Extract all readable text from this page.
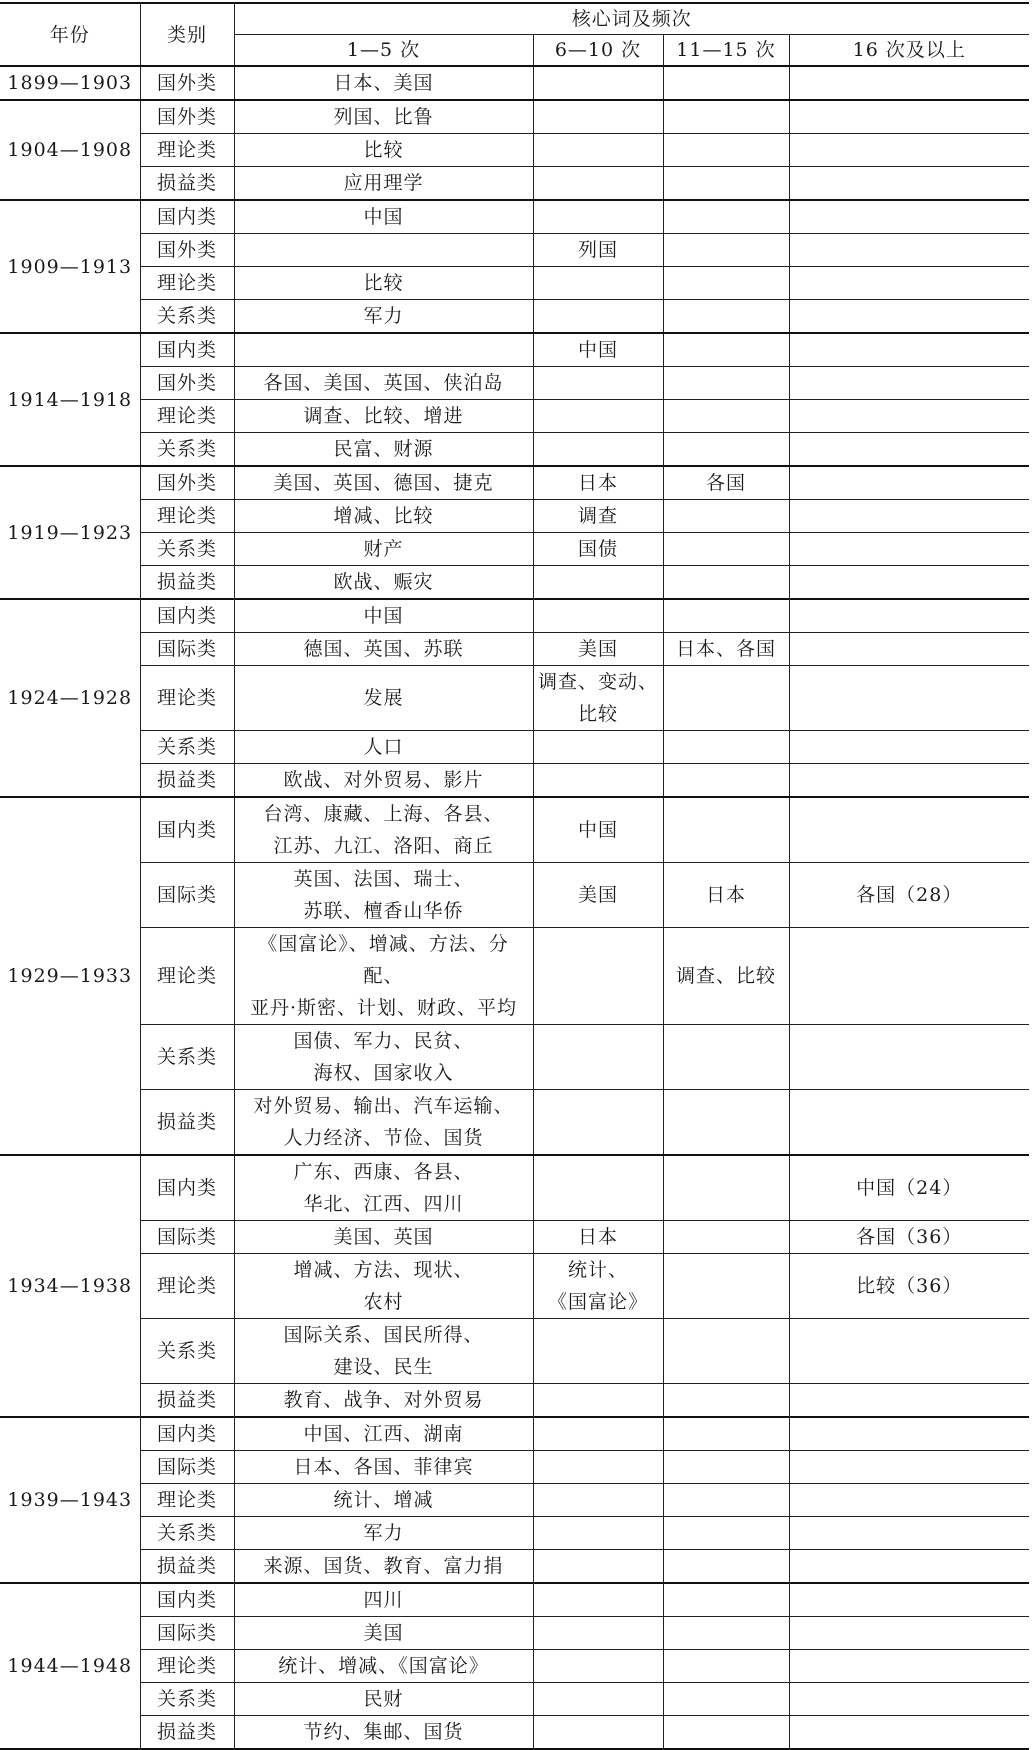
年份	类别	核心词及频次			
		1—5 次	6—10 次	11—15 次	16 次及以上
1899—1903	国外类	日本、美国			
1904—1908	国外类	列国、比鲁			
	理论类	比较			
	损益类	应用理学			
1909—1913	国内类	中国			
	国外类		列国		
	理论类	比较			
	关系类	军力			
1914—1918	国内类		中国		
	国外类	各国、美国、英国、侠泊岛			
	理论类	调查、比较、增进			
	关系类	民富、财源			
1919—1923	国外类	美国、英国、德国、捷克	日本	各国	
	理论类	增减、比较	调查		
	关系类	财产	国债		
	损益类	欧战、赈灾			
1924—1928	国内类	中国			
	国际类	德国、英国、苏联	美国	日本、各国	
	理论类	发展	调查、变动、
比较		
	关系类	人口			
	损益类	欧战、对外贸易、影片			
1929—1933	国内类	台湾、康藏、上海、各县、
江苏、九江、洛阳、商丘	中国		
	国际类	英国、法国、瑞士、
苏联、檀香山华侨	美国	日本	各国（28）
	理论类	《国富论》、增减、方法、分配、
亚丹·斯密、计划、财政、平均		调查、比较	
	关系类	国债、军力、民贫、
海权、国家收入			
	损益类	对外贸易、输出、汽车运输、
人力经济、节俭、国货			
1934—1938	国内类	广东、西康、各县、
华北、江西、四川			中国（24）
	国际类	美国、英国	日本		各国（36）
	理论类	增减、方法、现状、
农村	统计、
《国富论》		比较（36）
	关系类	国际关系、国民所得、
建设、民生			
	损益类	教育、战争、对外贸易			
1939—1943	国内类	中国、江西、湖南			
	国际类	日本、各国、菲律宾			
	理论类	统计、增减			
	关系类	军力			
	损益类	来源、国货、教育、富力捐			
1944—1948	国内类	四川			
	国际类	美国			
	理论类	统计、增减、《国富论》			
	关系类	民财			
	损益类	节约、集邮、国货			
